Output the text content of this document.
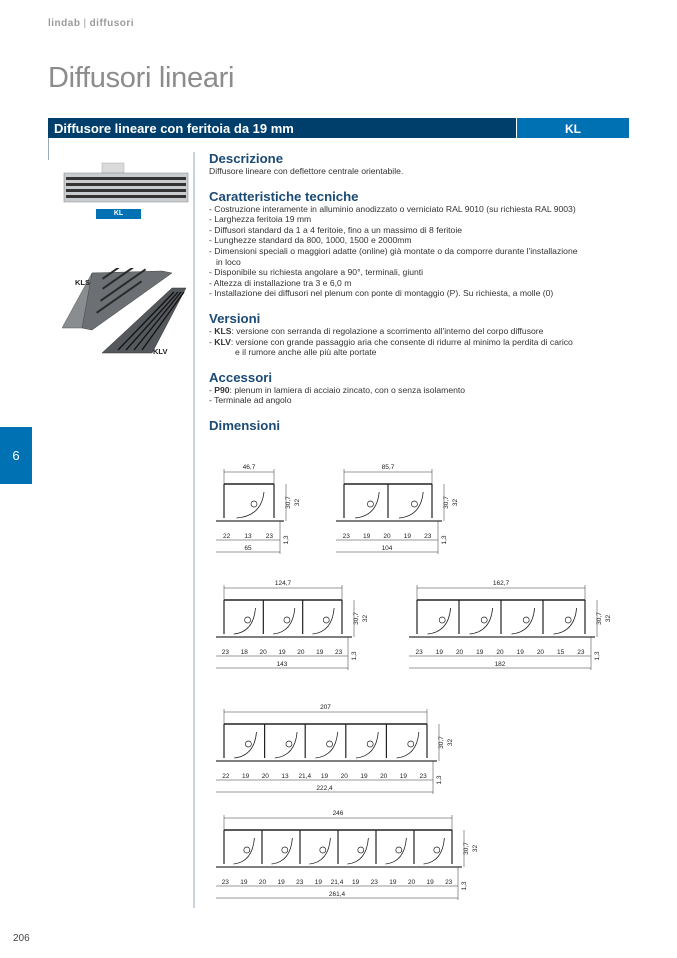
lindab | diffusori
Diffusori lineari
Diffusore lineare con feritoia da 19 mm	KL
KL
KLS
KLV
Descrizione

Diffusore lineare con deflettore centrale orientabile.

Caratteristiche tecniche

- Costruzione interamente in alluminio anodizzato o verniciato RAL 9010 (su richiesta RAL 9003)

- Larghezza feritoia 19 mm

- Diffusori standard da 1 a 4 feritoie, fino a un massimo di 8 feritoie

- Lunghezze standard da 800, 1000, 1500 e 2000mm

- Dimensioni speciali o maggiori adatte (online) già montate o da comporre durante l'installazione

in loco

- Disponibile su richiesta angolare a 90°, terminali, giunti

- Altezza di installazione tra 3 e 6,0 m

- Installazione dei diffusori nel plenum con ponte di montaggio (P). Su richiesta, a molle (0)

Versioni

- KLS: versione con serranda di regolazione a scorrimento all'interno del corpo diffusore

- KLV: versione con grande passaggio aria che consente di ridurre al minimo la perdita di carico

e il rumore anche alle più alte portate

Accessori

- P90: plenum in lamiera di acciaio zincato, con o senza isolamento

- Terminale ad angolo

Dimensioni
46,7
22 13 23
65
30,7 32
1,3
85,7
23 19 20 19 23
104
30,7 32
1,3
124,7
23 18 20 19 20 19 23
143
30,7 32
1,3
162,7
23 19 20 19 20 19 20 15 23
182
30,7 32
1,3
207
22 19 20 13 21,4 19 20 19 20 19 23
222,4
30,7 32
1,3
246
23 19 20 19 23 19 21,4 19 23 19 20 19 23
261,4
30,7 32
1,3
6
206
